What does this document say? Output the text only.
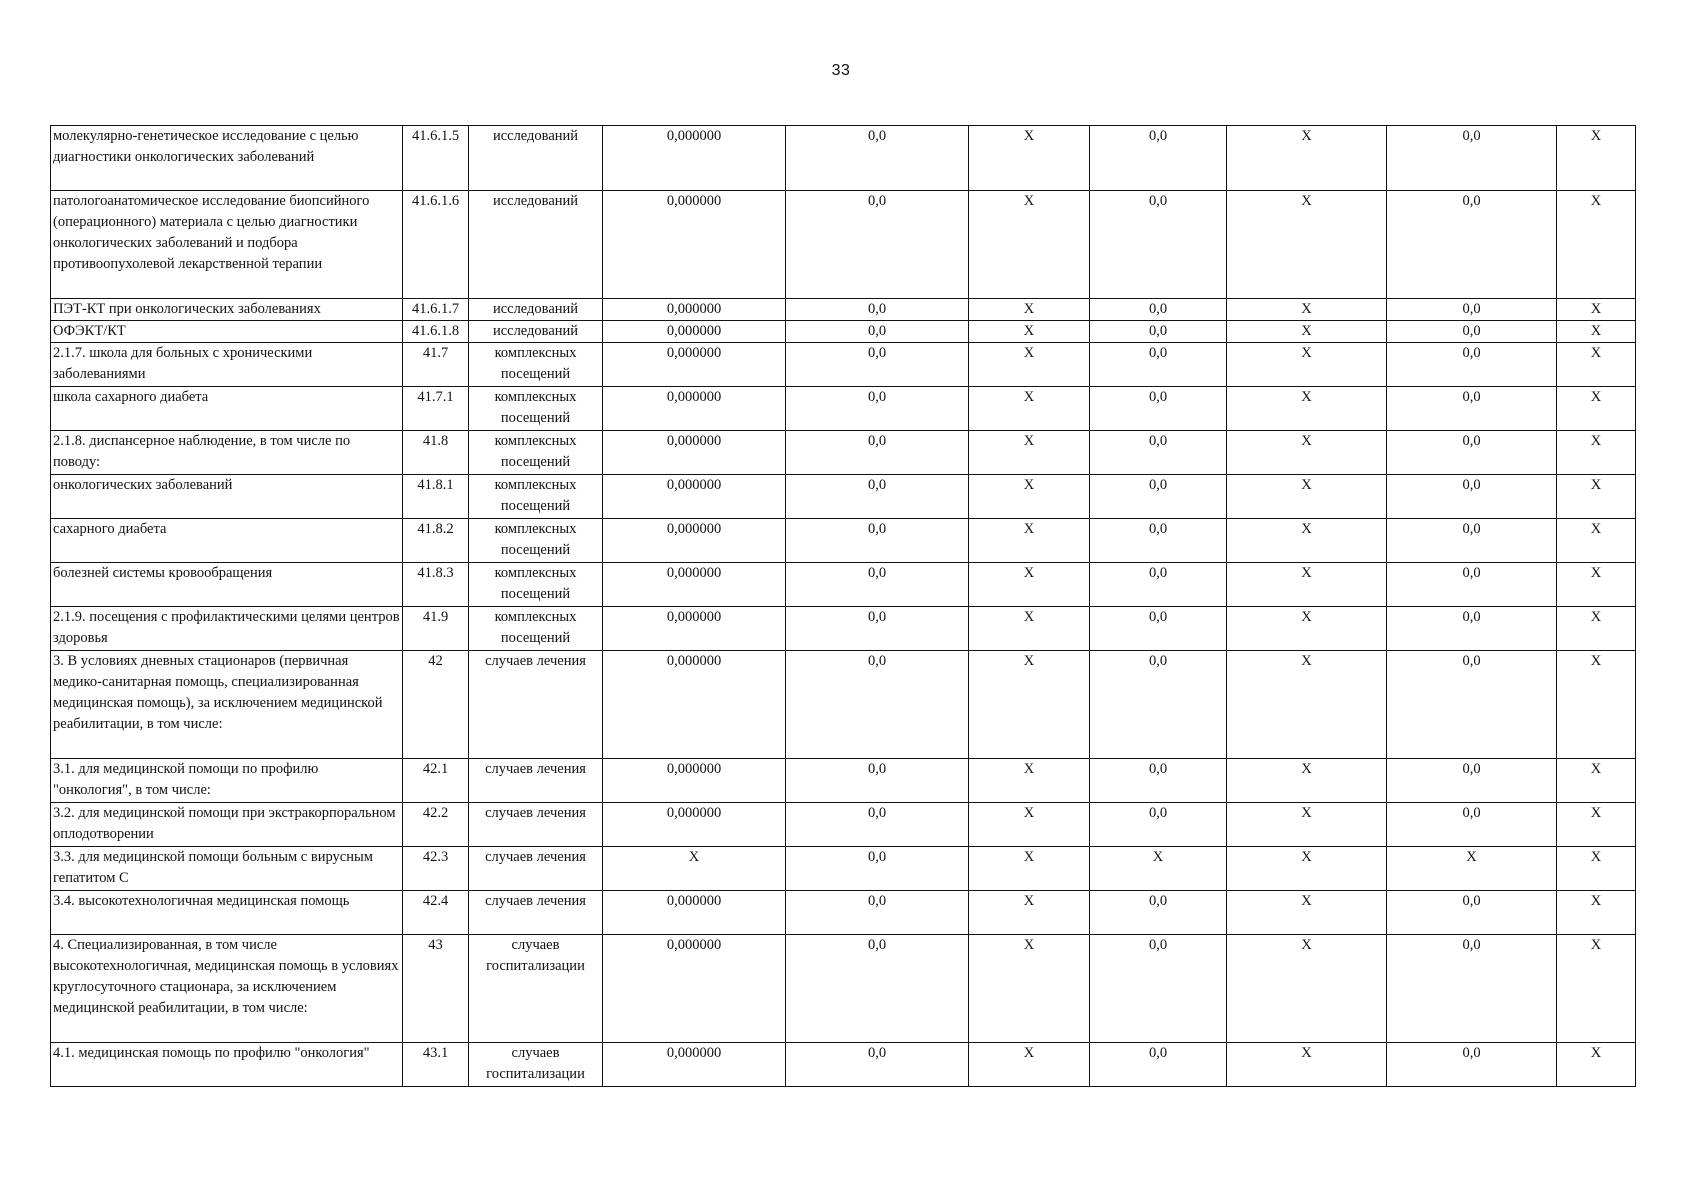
33
молекулярно-генетическое исследование с целью диагностики онкологических заболеваний	41.6.1.5	исследований	0,000000	0,0	X	0,0	X	0,0	X
патологоанатомическое исследование биопсийного (операционного) материала с целью диагностики онкологических заболеваний и подбора противоопухолевой лекарственной терапии	41.6.1.6	исследований	0,000000	0,0	X	0,0	X	0,0	X
ПЭТ-КТ при онкологических заболеваниях	41.6.1.7	исследований	0,000000	0,0	X	0,0	X	0,0	X
ОФЭКТ/КТ	41.6.1.8	исследований	0,000000	0,0	X	0,0	X	0,0	X
2.1.7. школа для больных с хроническими заболеваниями	41.7	комплексных посещений	0,000000	0,0	X	0,0	X	0,0	X
школа сахарного диабета	41.7.1	комплексных посещений	0,000000	0,0	X	0,0	X	0,0	X
2.1.8. диспансерное наблюдение, в том числе по поводу:	41.8	комплексных посещений	0,000000	0,0	X	0,0	X	0,0	X
онкологических заболеваний	41.8.1	комплексных посещений	0,000000	0,0	X	0,0	X	0,0	X
сахарного диабета	41.8.2	комплексных посещений	0,000000	0,0	X	0,0	X	0,0	X
болезней системы кровообращения	41.8.3	комплексных посещений	0,000000	0,0	X	0,0	X	0,0	X
2.1.9. посещения с профилактическими целями центров здоровья	41.9	комплексных посещений	0,000000	0,0	X	0,0	X	0,0	X
3. В условиях дневных стационаров (первичная медико-санитарная помощь, специализированная медицинская помощь), за исключением медицинской реабилитации, в том числе:	42	случаев лечения	0,000000	0,0	X	0,0	X	0,0	X
3.1. для медицинской помощи по профилю "онкология", в том числе:	42.1	случаев лечения	0,000000	0,0	X	0,0	X	0,0	X
3.2. для медицинской помощи при экстракорпоральном оплодотворении	42.2	случаев лечения	0,000000	0,0	X	0,0	X	0,0	X
3.3. для медицинской помощи больным с вирусным гепатитом С	42.3	случаев лечения	X	0,0	X	X	X	X	X
3.4. высокотехнологичная медицинская помощь	42.4	случаев лечения	0,000000	0,0	X	0,0	X	0,0	X
4. Специализированная, в том числе высокотехнологичная, медицинская помощь в условиях круглосуточного стационара, за исключением медицинской реабилитации, в том числе:	43	случаев госпитализации	0,000000	0,0	X	0,0	X	0,0	X
4.1. медицинская помощь по профилю "онкология"	43.1	случаев госпитализации	0,000000	0,0	X	0,0	X	0,0	X
